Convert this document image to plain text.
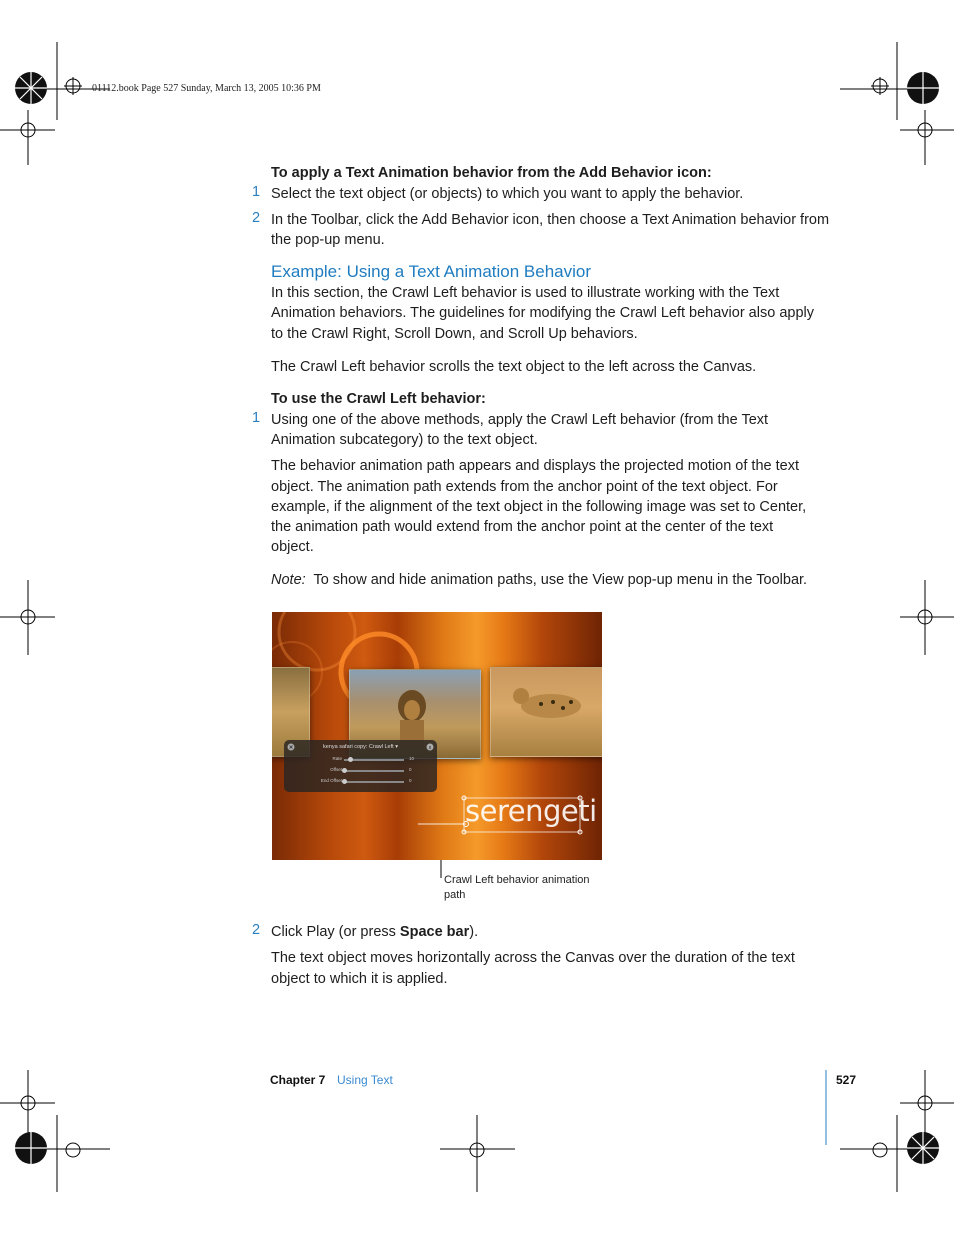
01112.book Page 527 Sunday, March 13, 2005 10:36 PM
To apply a Text Animation behavior from the Add Behavior icon:
1 Select the text object (or objects) to which you want to apply the behavior.
2 In the Toolbar, click the Add Behavior icon, then choose a Text Animation behavior from
the pop-up menu.
Example: Using a Text Animation Behavior
In this section, the Crawl Left behavior is used to illustrate working with the Text
Animation behaviors. The guidelines for modifying the Crawl Left behavior also apply
to the Crawl Right, Scroll Down, and Scroll Up behaviors.
The Crawl Left behavior scrolls the text object to the left across the Canvas.
To use the Crawl Left behavior:
1 Using one of the above methods, apply the Crawl Left behavior (from the Text
Animation subcategory) to the text object.
The behavior animation path appears and displays the projected motion of the text
object. The animation path extends from the anchor point of the text object. For
example, if the alignment of the text object in the following image was set to Center,
the animation path would extend from the anchor point at the center of the text
object.
Note: To show and hide animation paths, use the View pop-up menu in the Toolbar.
kenya safari copy: Crawl Left ▾
Rate	10
Offset	0
End Offset	0
serengeti
Crawl Left behavior animation
path
2 Click Play (or press Space bar).
The text object moves horizontally across the Canvas over the duration of the text
object to which it is applied.
Chapter 7 Using Text	527
